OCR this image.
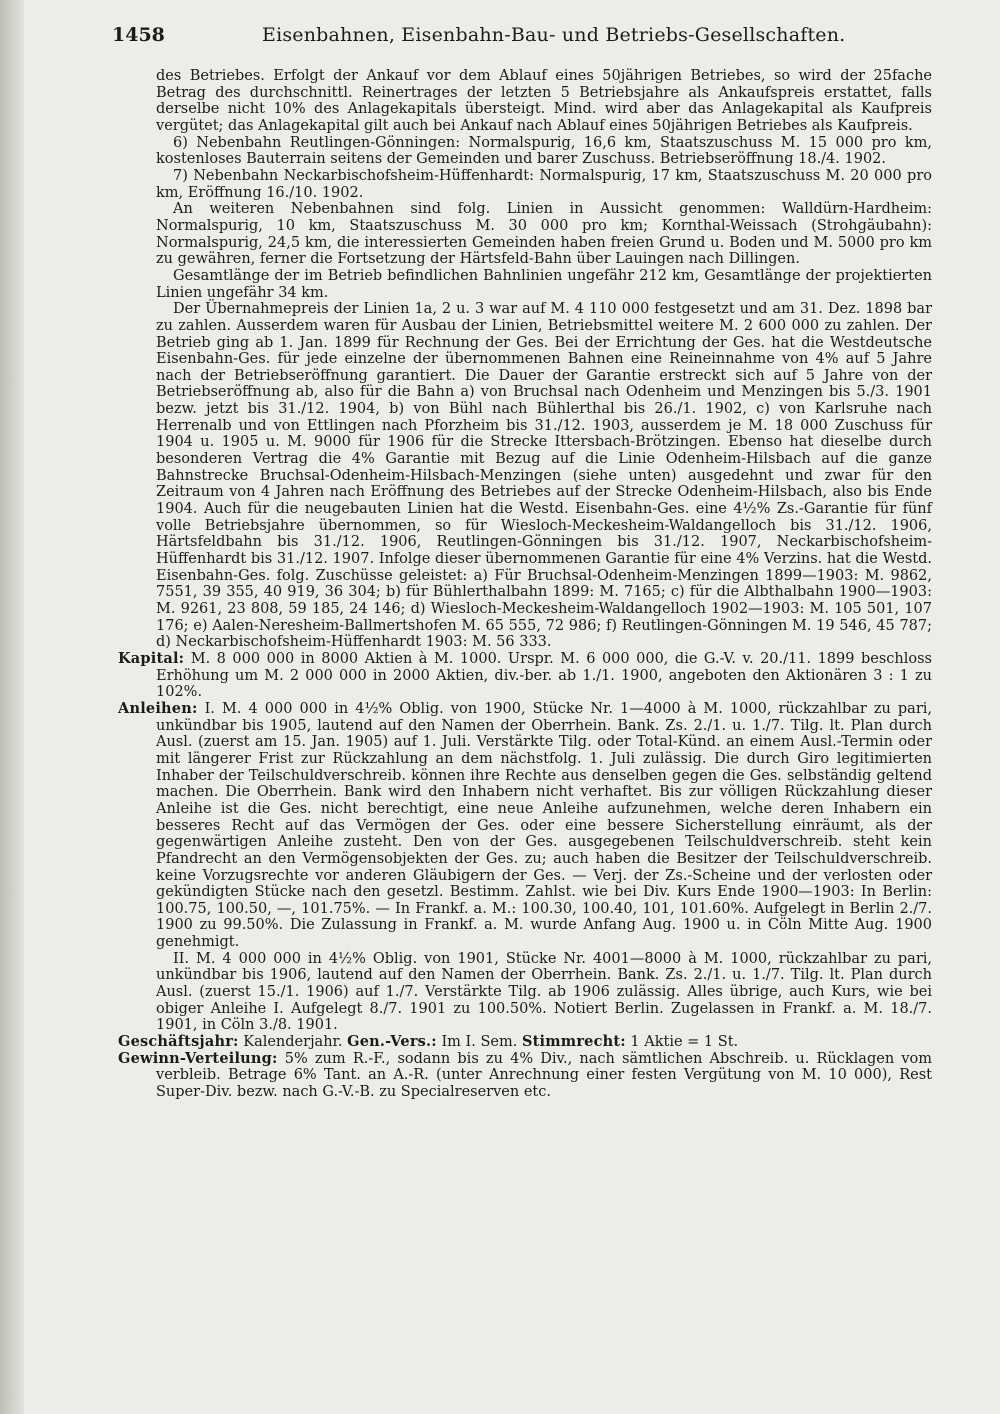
1458	Eisenbahnen, Eisenbahn-Bau- und Betriebs-Gesellschaften.

des Betriebes. Erfolgt der Ankauf vor dem Ablauf eines 50jährigen Betriebes, so wird der 25fache Betrag des durchschnittl. Reinertrages der letzten 5 Betriebsjahre als Ankaufspreis erstattet, falls derselbe nicht 10% des Anlagekapitals übersteigt. Mind. wird aber das Anlagekapital als Kaufpreis vergütet; das Anlagekapital gilt auch bei Ankauf nach Ablauf eines 50jährigen Betriebes als Kaufpreis.

6) Nebenbahn Reutlingen-Gönningen: Normalspurig, 16,6 km, Staatszuschuss M. 15 000 pro km, kostenloses Bauterrain seitens der Gemeinden und barer Zuschuss. Betriebseröffnung 18./4. 1902.

7) Nebenbahn Neckarbischofsheim-Hüffenhardt: Normalspurig, 17 km, Staatszuschuss M. 20 000 pro km, Eröffnung 16./10. 1902.

An weiteren Nebenbahnen sind folg. Linien in Aussicht genommen: Walldürn-Hardheim: Normalspurig, 10 km, Staatszuschuss M. 30 000 pro km; Kornthal-Weissach (Strohgäubahn): Normalspurig, 24,5 km, die interessierten Gemeinden haben freien Grund u. Boden und M. 5000 pro km zu gewähren, ferner die Fortsetzung der Härtsfeld-Bahn über Lauingen nach Dillingen.

Gesamtlänge der im Betrieb befindlichen Bahnlinien ungefähr 212 km, Gesamtlänge der projektierten Linien ungefähr 34 km.

Der Übernahmepreis der Linien 1a, 2 u. 3 war auf M. 4 110 000 festgesetzt und am 31. Dez. 1898 bar zu zahlen. Ausserdem waren für Ausbau der Linien, Betriebsmittel weitere M. 2 600 000 zu zahlen. Der Betrieb ging ab 1. Jan. 1899 für Rechnung der Ges. Bei der Errichtung der Ges. hat die Westdeutsche Eisenbahn-Ges. für jede einzelne der übernommenen Bahnen eine Reineinnahme von 4% auf 5 Jahre nach der Betriebseröffnung garantiert. Die Dauer der Garantie erstreckt sich auf 5 Jahre von der Betriebseröffnung ab, also für die Bahn a) von Bruchsal nach Odenheim und Menzingen bis 5./3. 1901 bezw. jetzt bis 31./12. 1904, b) von Bühl nach Bühlerthal bis 26./1. 1902, c) von Karlsruhe nach Herrenalb und von Ettlingen nach Pforzheim bis 31./12. 1903, ausserdem je M. 18 000 Zuschuss für 1904 u. 1905 u. M. 9000 für 1906 für die Strecke Ittersbach-Brötzingen. Ebenso hat dieselbe durch besonderen Vertrag die 4% Garantie mit Bezug auf die Linie Odenheim-Hilsbach auf die ganze Bahnstrecke Bruchsal-Odenheim-Hilsbach-Menzingen (siehe unten) ausgedehnt und zwar für den Zeitraum von 4 Jahren nach Eröffnung des Betriebes auf der Strecke Odenheim-Hilsbach, also bis Ende 1904. Auch für die neugebauten Linien hat die Westd. Eisenbahn-Ges. eine 4½% Zs.-Garantie für fünf volle Betriebsjahre übernommen, so für Wiesloch-Meckesheim-Waldangelloch bis 31./12. 1906, Härtsfeldbahn bis 31./12. 1906, Reutlingen-Gönningen bis 31./12. 1907, Neckarbischofsheim-Hüffenhardt bis 31./12. 1907. Infolge dieser übernommenen Garantie für eine 4% Verzins. hat die Westd. Eisenbahn-Ges. folg. Zuschüsse geleistet: a) Für Bruchsal-Odenheim-Menzingen 1899—1903: M. 9862, 7551, 39 355, 40 919, 36 304; b) für Bühlerthalbahn 1899: M. 7165; c) für die Albthalbahn 1900—1903: M. 9261, 23 808, 59 185, 24 146; d) Wiesloch-Meckesheim-Waldangelloch 1902—1903: M. 105 501, 107 176; e) Aalen-Neresheim-Ballmertshofen M. 65 555, 72 986; f) Reutlingen-Gönningen M. 19 546, 45 787; d) Neckarbischofsheim-Hüffenhardt 1903: M. 56 333.

Kapital: M. 8 000 000 in 8000 Aktien à M. 1000. Urspr. M. 6 000 000, die G.-V. v. 20./11. 1899 beschloss Erhöhung um M. 2 000 000 in 2000 Aktien, div.-ber. ab 1./1. 1900, angeboten den Aktionären 3 : 1 zu 102%.

Anleihen: I. M. 4 000 000 in 4½% Oblig. von 1900, Stücke Nr. 1—4000 à M. 1000, rückzahlbar zu pari, unkündbar bis 1905, lautend auf den Namen der Oberrhein. Bank. Zs. 2./1. u. 1./7. Tilg. lt. Plan durch Ausl. (zuerst am 15. Jan. 1905) auf 1. Juli. Verstärkte Tilg. oder Total-Künd. an einem Ausl.-Termin oder mit längerer Frist zur Rückzahlung an dem nächstfolg. 1. Juli zulässig. Die durch Giro legitimierten Inhaber der Teilschuldverschreib. können ihre Rechte aus denselben gegen die Ges. selbständig geltend machen. Die Oberrhein. Bank wird den Inhabern nicht verhaftet. Bis zur völligen Rückzahlung dieser Anleihe ist die Ges. nicht berechtigt, eine neue Anleihe aufzunehmen, welche deren Inhabern ein besseres Recht auf das Vermögen der Ges. oder eine bessere Sicherstellung einräumt, als der gegenwärtigen Anleihe zusteht. Den von der Ges. ausgegebenen Teilschuldverschreib. steht kein Pfandrecht an den Vermögensobjekten der Ges. zu; auch haben die Besitzer der Teilschuldverschreib. keine Vorzugsrechte vor anderen Gläubigern der Ges. — Verj. der Zs.-Scheine und der verlosten oder gekündigten Stücke nach den gesetzl. Bestimm. Zahlst. wie bei Div. Kurs Ende 1900—1903: In Berlin: 100.75, 100.50, —, 101.75%. — In Frankf. a. M.: 100.30, 100.40, 101, 101.60%. Aufgelegt in Berlin 2./7. 1900 zu 99.50%. Die Zulassung in Frankf. a. M. wurde Anfang Aug. 1900 u. in Cöln Mitte Aug. 1900 genehmigt.

II. M. 4 000 000 in 4½% Oblig. von 1901, Stücke Nr. 4001—8000 à M. 1000, rückzahlbar zu pari, unkündbar bis 1906, lautend auf den Namen der Oberrhein. Bank. Zs. 2./1. u. 1./7. Tilg. lt. Plan durch Ausl. (zuerst 15./1. 1906) auf 1./7. Verstärkte Tilg. ab 1906 zulässig. Alles übrige, auch Kurs, wie bei obiger Anleihe I. Aufgelegt 8./7. 1901 zu 100.50%. Notiert Berlin. Zugelassen in Frankf. a. M. 18./7. 1901, in Cöln 3./8. 1901.

Geschäftsjahr: Kalenderjahr. Gen.-Vers.: Im I. Sem. Stimmrecht: 1 Aktie = 1 St.

Gewinn-Verteilung: 5% zum R.-F., sodann bis zu 4% Div., nach sämtlichen Abschreib. u. Rücklagen vom verbleib. Betrage 6% Tant. an A.-R. (unter Anrechnung einer festen Vergütung von M. 10 000), Rest Super-Div. bezw. nach G.-V.-B. zu Specialreserven etc.
